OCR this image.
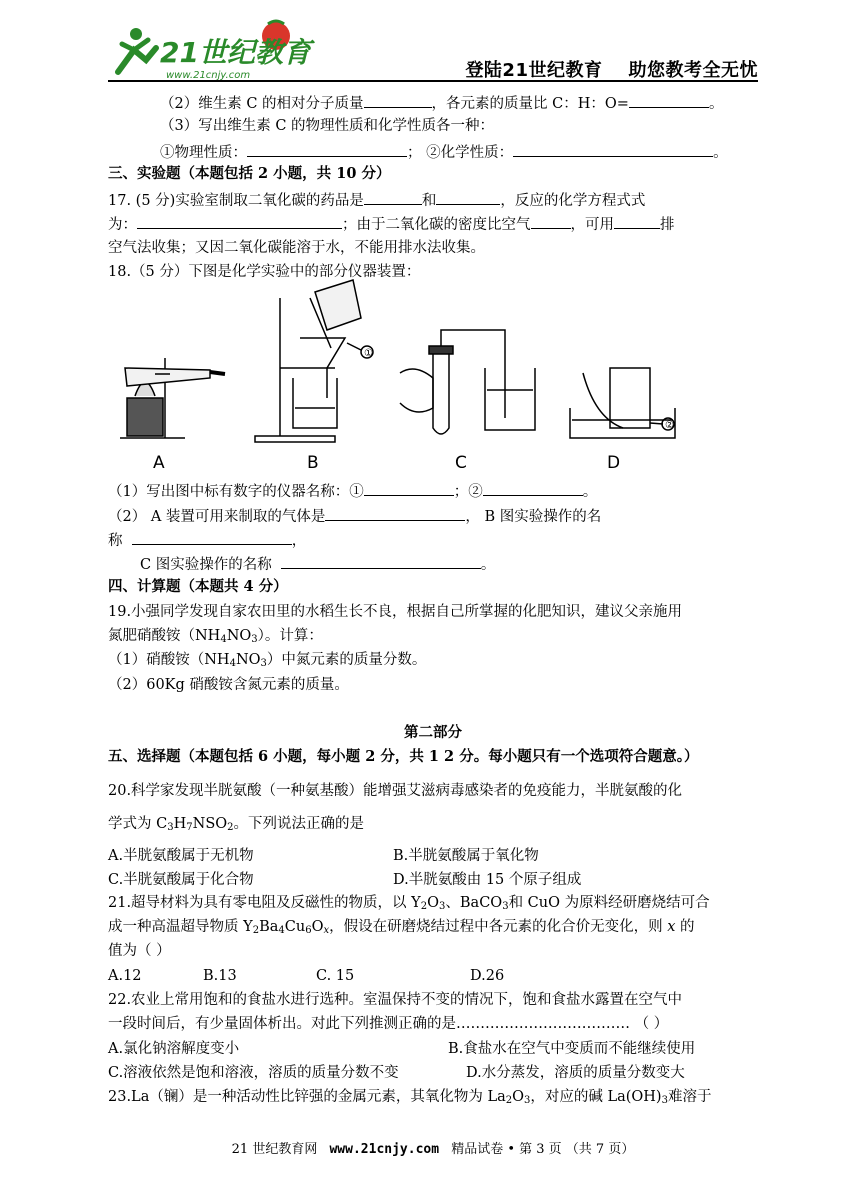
21世纪教育
www.21cnjy.com	登陆21世纪教育 助您教考全无忧
（2）维生素 C 的相对分子质量	，各元素的质量比 C：H：O=	。
（3）写出维生素 C 的物理性质和化学性质各一种：
①物理性质：	； ②化学性质：	。
三、实验题（本题包括 2 小题，共 10 分）
17. (5 分)实验室制取二氧化碳的药品是	和	，反应的化学方程式式
为：	；由于二氧化碳的密度比空气	，可用	排
空气法收集；又因二氧化碳能溶于水，不能用排水法收集。
18.（5 分）下图是化学实验中的部分仪器装置：
①
②
A	B	C	D
（1）写出图中标有数字的仪器名称：①	；②	。
（2） A 装置可用来制取的气体是	， B 图实验操作的名
称	，
C 图实验操作的名称	。
四、计算题（本题共 4 分）
19.小强同学发现自家农田里的水稻生长不良，根据自己所掌握的化肥知识，建议父亲施用
氮肥硝酸铵$(NH_4NO_3)$。计算：
（1）硝酸铵$(NH_4NO_3)$中氮元素的质量分数。
（2）60Kg 硝酸铵含氮元素的质量。
第二部分
五、选择题（本题包括 6 小题，每小题 2 分，共 1 2 分。每小题只有一个选项符合题意。）
20.科学家发现半胱氨酸（一种氨基酸）能增强艾滋病毒感染者的免疫能力，半胱氨酸的化
学式为 $C_3H_7NSO_2$。下列说法正确的是
A.半胱氨酸属于无机物	B.半胱氨酸属于氧化物
C.半胱氨酸属于化合物	D.半胱氨酸由 15 个原子组成
21.超导材料为具有零电阻及反磁性的物质，以 $Y_2O_3$、BaCO$_3$和 CuO 为原料经研磨烧结可合
成一种高温超导物质 $Y_2Ba_4Cu_6O_x$，假设在研磨烧结过程中各元素的化合价无变化，则 x 的
值为（ ）
A.12	B.13	C. 15	D.26
22.农业上常用饱和的食盐水进行选种。室温保持不变的情况下，饱和食盐水露置在空气中
一段时间后，有少量固体析出。对此下列推测正确的是……………………………… （ ）
A.氯化钠溶解度变小	B.食盐水在空气中变质而不能继续使用
C.溶液依然是饱和溶液，溶质的质量分数不变	D.水分蒸发，溶质的质量分数变大
23.La（镧）是一种活动性比锌强的金属元素，其氧化物为 $La_2O_3$，对应的碱 $La(OH)_3$难溶于
21 世纪教育网 www.21cnjy.com 精品试卷 • 第 3 页 （共 7 页）
